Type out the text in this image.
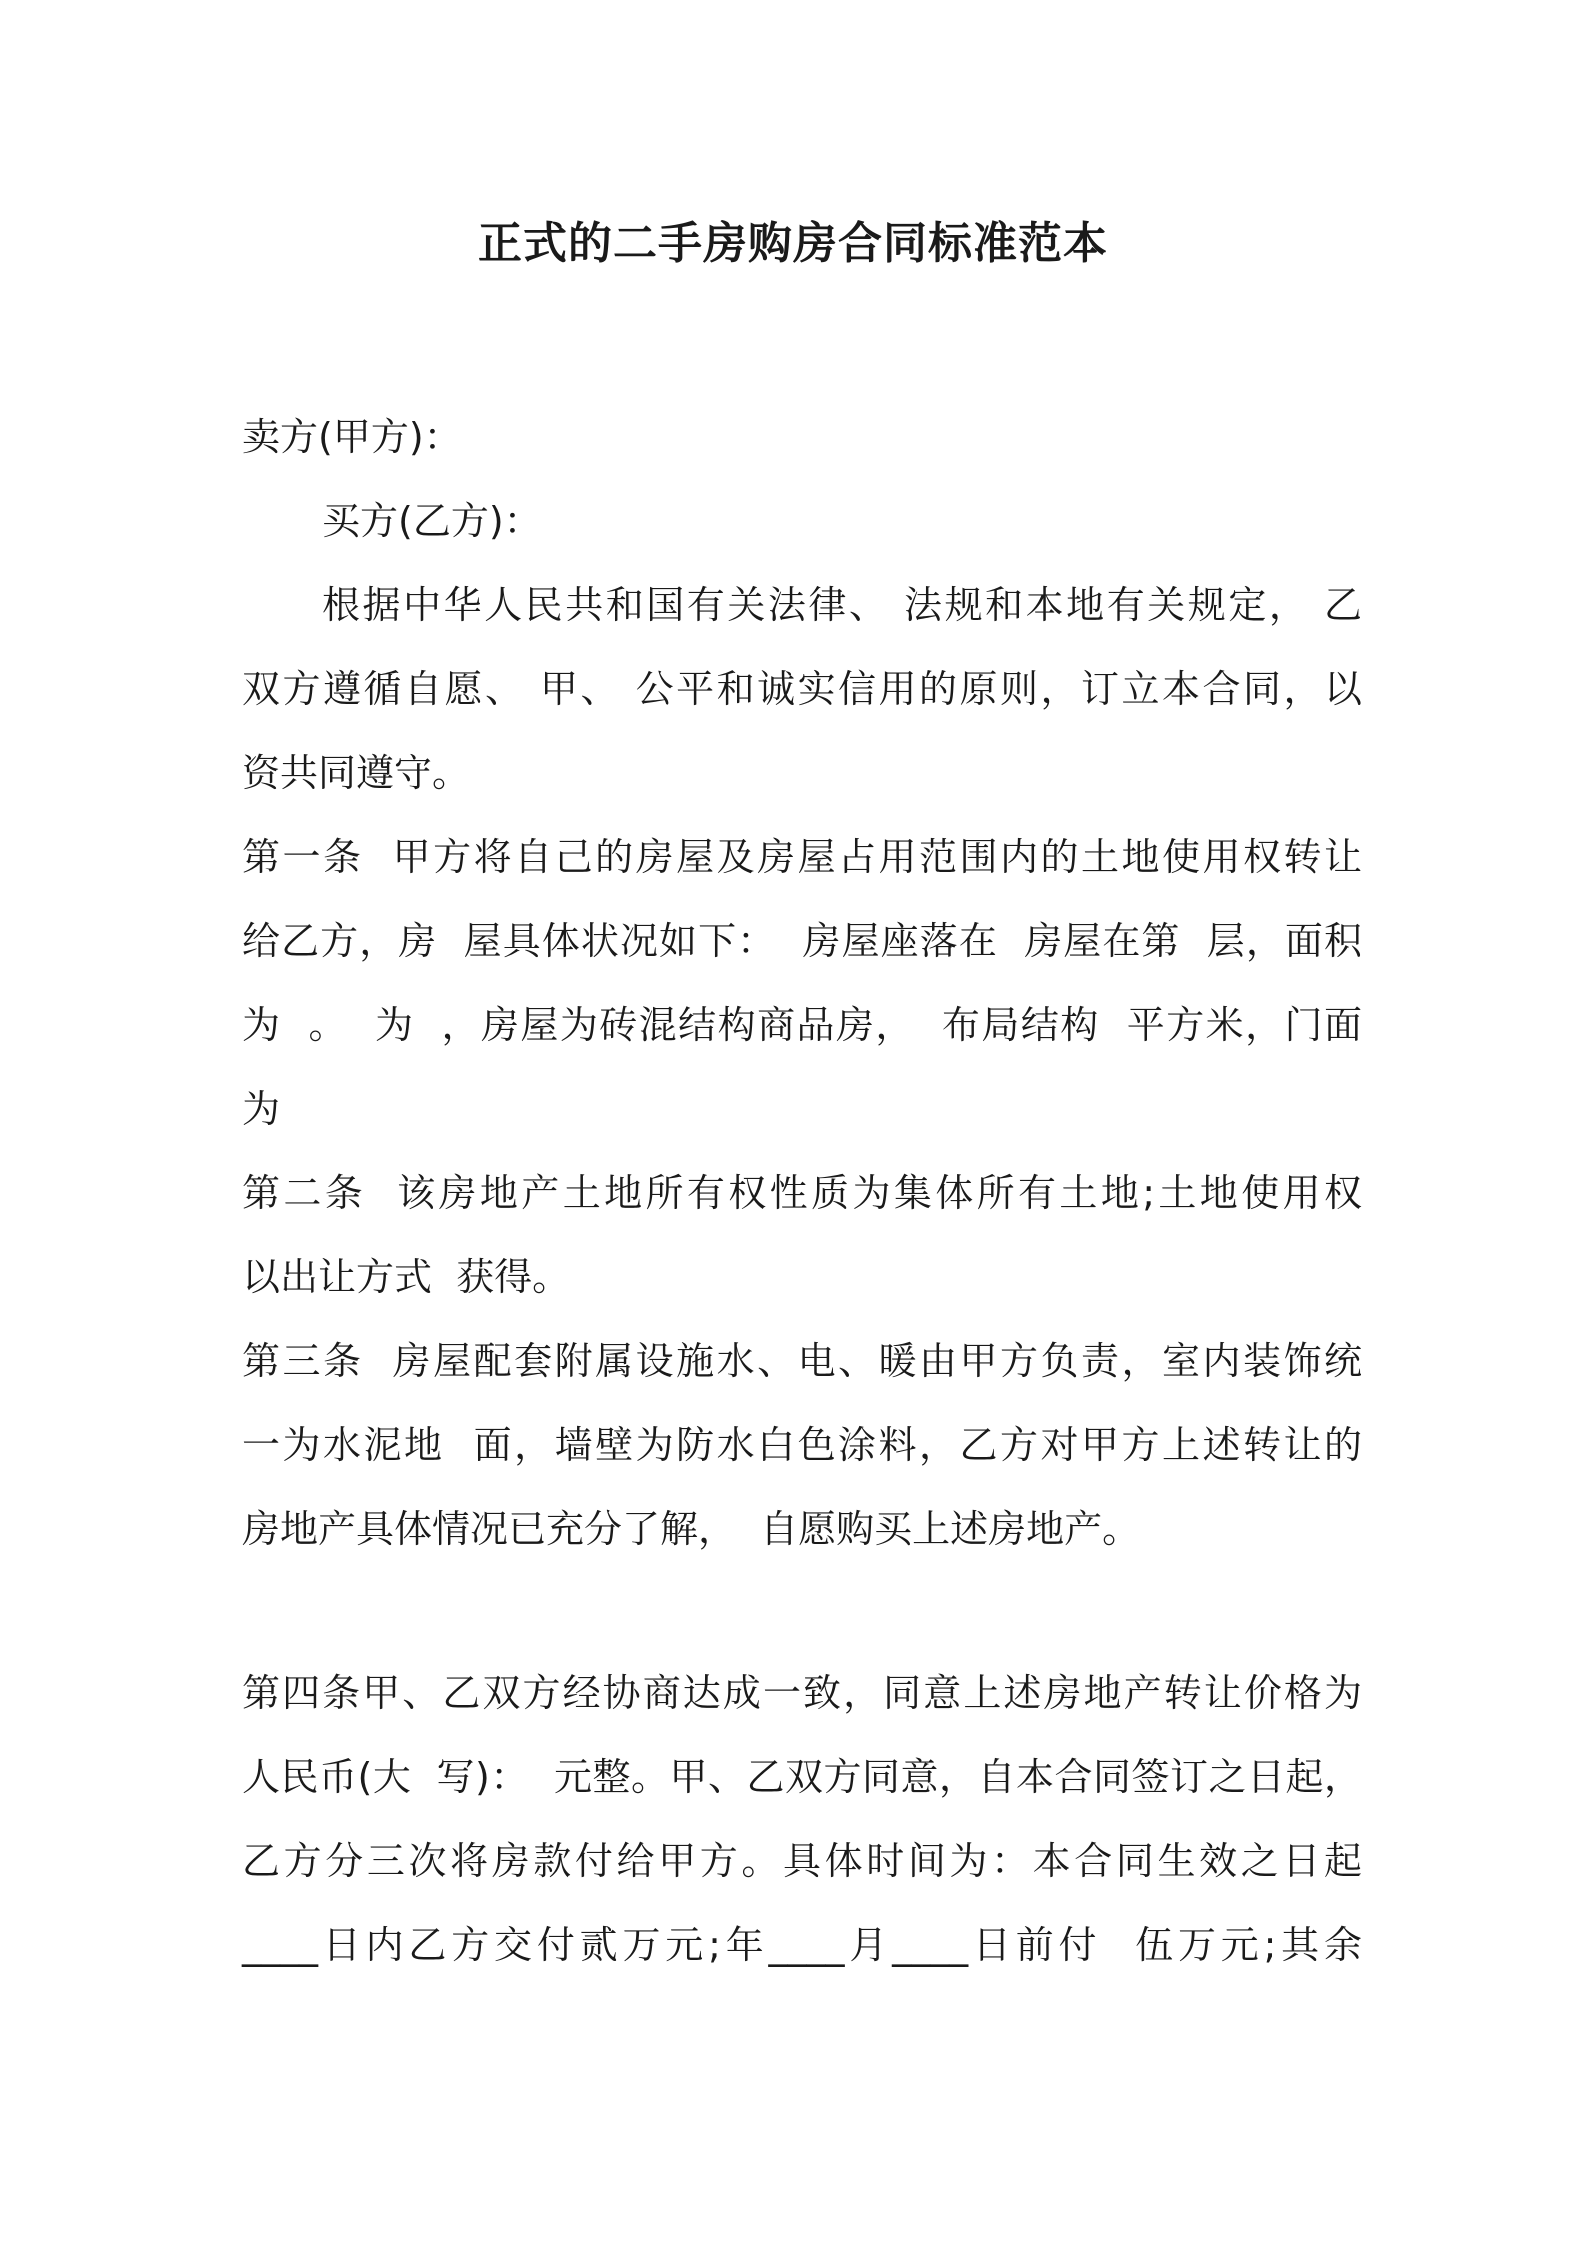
正式的二手房购房合同标准范本
卖方(甲方)：
买方(乙方)：
根据中华人民共和国有关法律、 法规和本地有关规定， 乙
双方遵循自愿、 甲、 公平和诚实信用的原则，订立本合同，以
资共同遵守。
第一条  甲方将自己的房屋及房屋占用范围内的土地使用权转让
给乙方，房  屋具体状况如下：  房屋座落在  房屋在第  层，面积
为  。  为  ，房屋为砖混结构商品房，  布局结构  平方米，门面
为
第二条  该房地产土地所有权性质为集体所有土地;土地使用权
以出让方式  获得。
第三条  房屋配套附属设施水、电、暖由甲方负责，室内装饰统
一为水泥地  面，墙壁为防水白色涂料，乙方对甲方上述转让的
房地产具体情况已充分了解，  自愿购买上述房地产。
第四条甲、乙双方经协商达成一致，同意上述房地产转让价格为
人民币(大  写)：  元整。甲、乙双方同意，自本合同签订之日起，
乙方分三次将房款付给甲方。具体时间为：本合同生效之日起
____日内乙方交付贰万元;年____月____日前付  伍万元;其余
